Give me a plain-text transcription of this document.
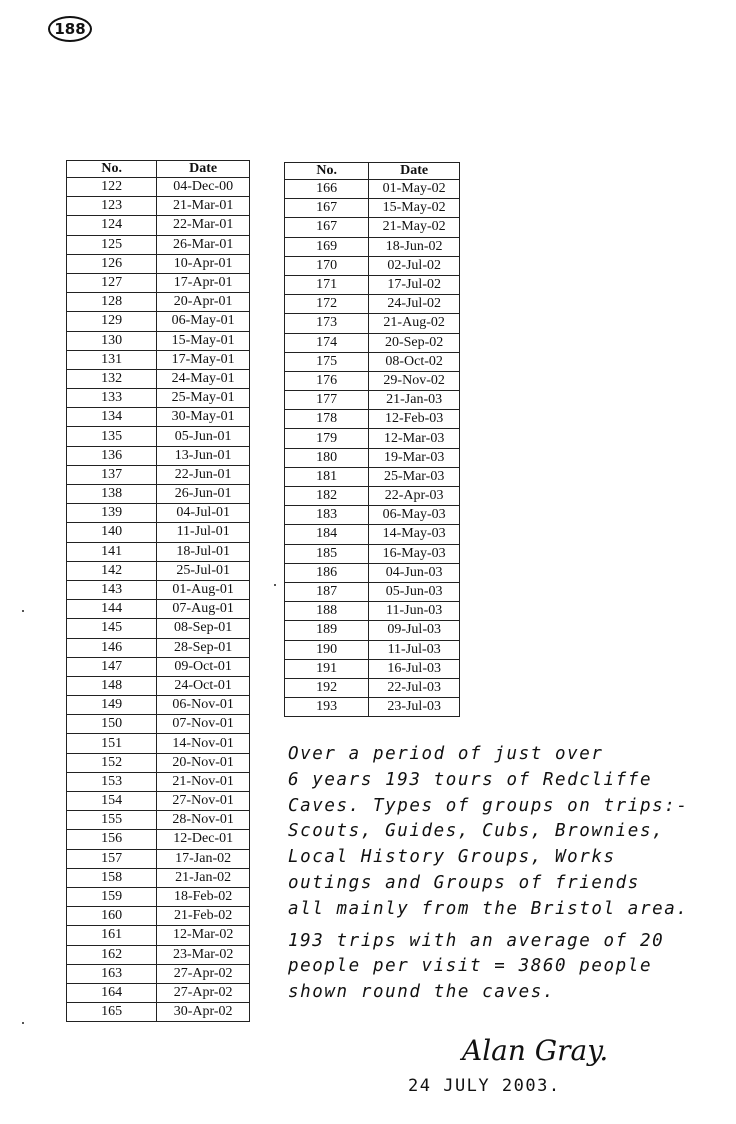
188
No.	Date
122	04-Dec-00
123	21-Mar-01
124	22-Mar-01
125	26-Mar-01
126	10-Apr-01
127	17-Apr-01
128	20-Apr-01
129	06-May-01
130	15-May-01
131	17-May-01
132	24-May-01
133	25-May-01
134	30-May-01
135	05-Jun-01
136	13-Jun-01
137	22-Jun-01
138	26-Jun-01
139	04-Jul-01
140	11-Jul-01
141	18-Jul-01
142	25-Jul-01
143	01-Aug-01
144	07-Aug-01
145	08-Sep-01
146	28-Sep-01
147	09-Oct-01
148	24-Oct-01
149	06-Nov-01
150	07-Nov-01
151	14-Nov-01
152	20-Nov-01
153	21-Nov-01
154	27-Nov-01
155	28-Nov-01
156	12-Dec-01
157	17-Jan-02
158	21-Jan-02
159	18-Feb-02
160	21-Feb-02
161	12-Mar-02
162	23-Mar-02
163	27-Apr-02
164	27-Apr-02
165	30-Apr-02
No.	Date
166	01-May-02
167	15-May-02
167	21-May-02
169	18-Jun-02
170	02-Jul-02
171	17-Jul-02
172	24-Jul-02
173	21-Aug-02
174	20-Sep-02
175	08-Oct-02
176	29-Nov-02
177	21-Jan-03
178	12-Feb-03
179	12-Mar-03
180	19-Mar-03
181	25-Mar-03
182	22-Apr-03
183	06-May-03
184	14-May-03
185	16-May-03
186	04-Jun-03
187	05-Jun-03
188	11-Jun-03
189	09-Jul-03
190	11-Jul-03
191	16-Jul-03
192	22-Jul-03
193	23-Jul-03
Over a period of just over
6 years 193 tours of Redcliffe
Caves. Types of groups on trips:-
Scouts, Guides, Cubs, Brownies,
Local History Groups, Works
outings and Groups of friends
all mainly from the Bristol area.
193 trips with an average of 20
people per visit = 3860 people
shown round the caves.
Alan Gray.
24 JULY 2003.
